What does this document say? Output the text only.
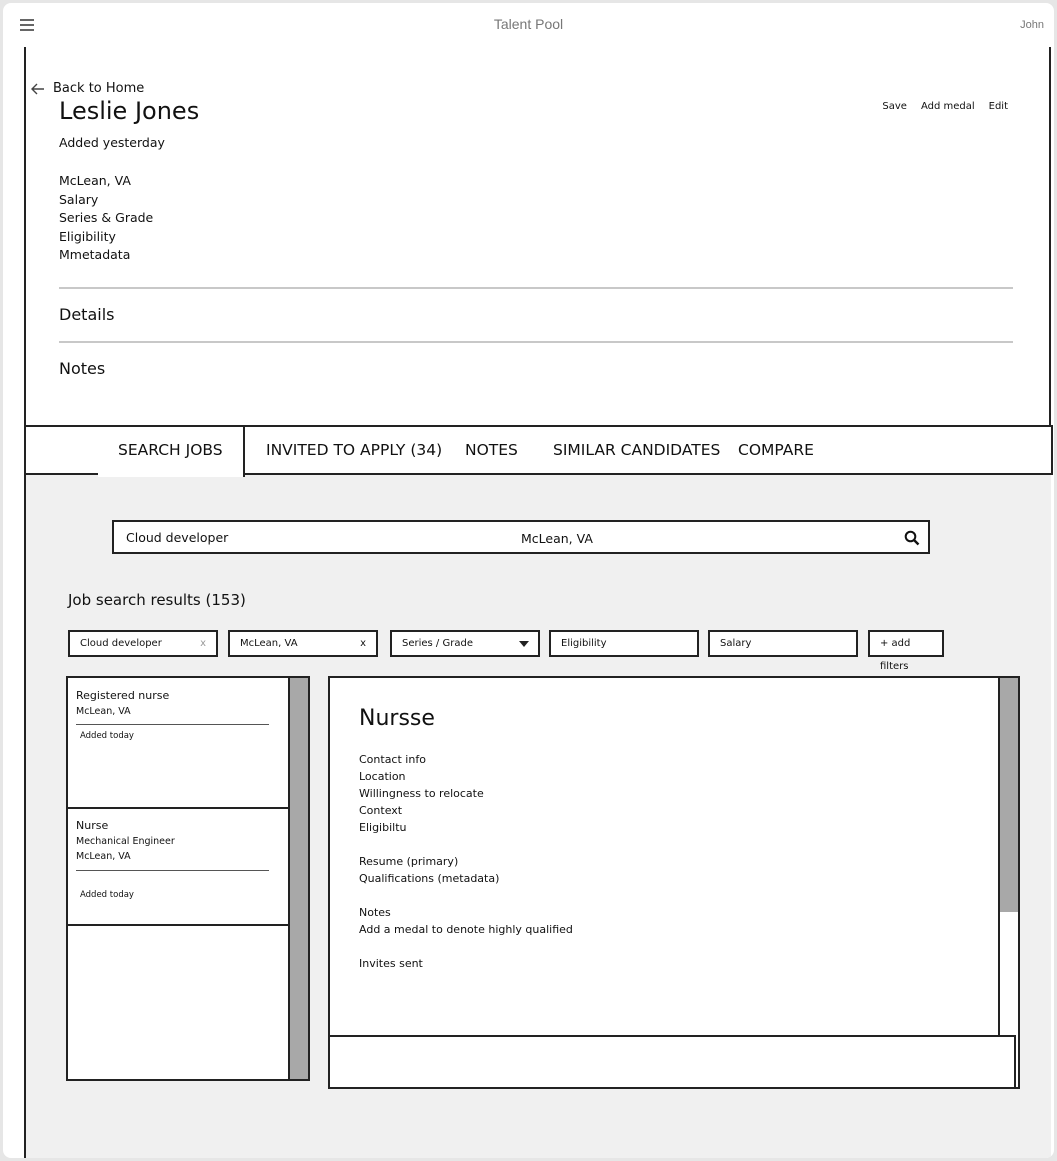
Talent Pool	John
Back to Home
Leslie Jones
Added yesterday
McLean, VA
Salary
Series & Grade
Eligibility
Mmetadata
Save Add medal Edit
Details
Notes
SEARCH JOBS	INVITED TO APPLY (34) NOTES SIMILAR CANDIDATES COMPARE
Cloud developer	McLean, VA
Job search results (153)
Cloud developer	x	McLean, VA	x	Series / Grade	Eligibility	Salary	+ add filters
Registered nurse
McLean, VA
Added today
Nurse
Mechanical Engineer
McLean, VA
Added today
Nursse
Contact info
Location
Willingness to relocate
Context
Eligibiltu
Resume (primary)
Qualifications (metadata)
Notes
Add a medal to denote highly qualified
Invites sent
